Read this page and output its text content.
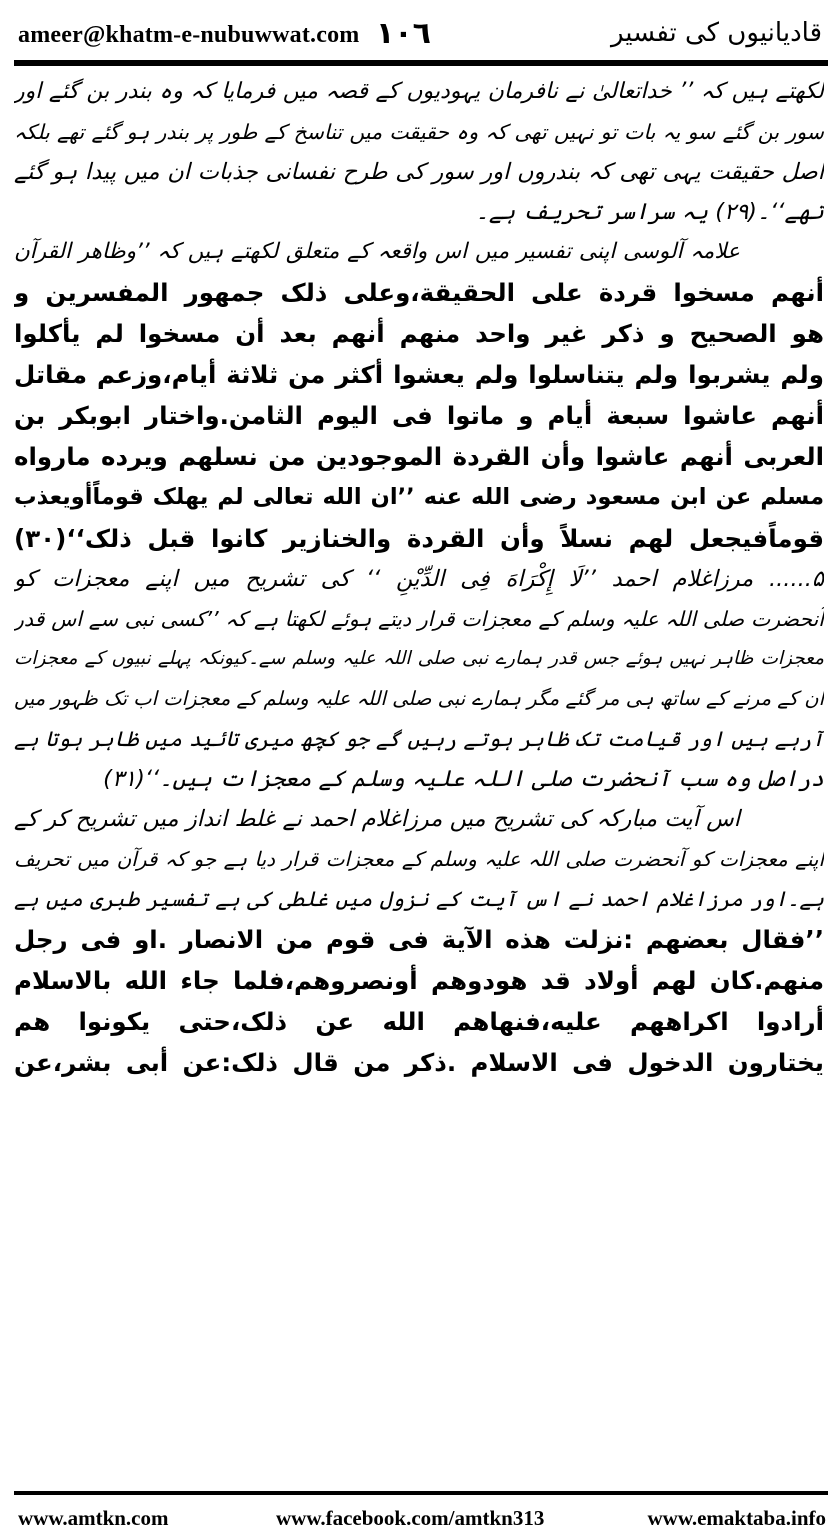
ameer@khatm-e-nubuwwat.com ١٠٦	قادیانیوں کی تفسیر
لکھتے ہیں کہ ’’ خداتعالیٰ نے نافرمان یہودیوں کے قصہ میں فرمایا کہ وہ بندر بن گئے اور
سور بن گئے سو یہ بات تو نہیں تھی کہ وہ حقیقت میں تناسخ کے طور پر بندر ہو گئے تھے بلکہ
اصل حقیقت یہی تھی کہ بندروں اور سور کی طرح نفسانی جذبات ان میں پیدا ہو گئے
تھے‘‘۔(۲۹) یہ سراسر تحریف ہے۔
علامہ آلوسی اپنی تفسیر میں اس واقعہ کے متعلق لکھتے ہیں کہ ’’وظاهر القرآن
أنهم مسخوا قردة علی الحقیقة،وعلی ذلک جمهور المفسرین و
هو الصحیح و ذکر غیر واحد منهم أنهم بعد أن مسخوا لم یأکلوا
ولم یشربوا ولم یتناسلوا ولم یعشوا أکثر من ثلاثة أیام،وزعم مقاتل
أنهم عاشوا سبعة أیام و ماتوا فی الیوم الثامن.واختار ابوبکر بن
العربی أنهم عاشوا وأن القردة الموجودین من نسلهم ویرده مارواه
مسلم عن ابن مسعود رضی الله عنه ’’ان الله تعالی لم یهلک قوماًأویعذب
قوماًفیجعل لهم نسلاً وأن القردة والخنازیر کانوا قبل ذلک‘‘(۳۰)
۵...... مرزاغلام احمد ’’لَا إِکْرَاهَ فِی الدِّیْنِ ‘‘ کی تشریح میں اپنے معجزات کو
آنحضرت صلی اللہ علیہ وسلم کے معجزات قرار دیتے ہوئے لکھتا ہے کہ ’’کسی نبی سے اس قدر
معجزات ظاہر نہیں ہوئے جس قدر ہمارے نبی صلی اللہ علیہ وسلم سے۔کیونکہ پہلے نبیوں کے معجزات
ان کے مرنے کے ساتھ ہی مر گئے مگر ہمارے نبی صلی اللہ علیہ وسلم کے معجزات اب تک ظہور میں
آرہے ہیں اور قیامت تک ظاہر ہوتے رہیں گے جو کچھ میری تائید میں ظاہر ہوتا ہے
دراصل وہ سب آنحضرت صلی اللہ علیہ وسلم کے معجزات ہیں۔‘‘(۳۱)
اس آیت مبارکہ کی تشریح میں مرزاغلام احمد نے غلط انداز میں تشریح کر کے
اپنے معجزات کو آنحضرت صلی اللہ علیہ وسلم کے معجزات قرار دیا ہے جو کہ قرآن میں تحریف
ہے۔اور مرزاغلام احمد نے اس آیت کے نزول میں غلطی کی ہے تفسیر طبری میں ہے
’’فقال بعضهم :نزلت هذه الآیة فی قوم من الانصار .او فی رجل
منهم.کان لهم أولاد قد هودوهم أونصروهم،فلما جاء الله بالاسلام
أرادوا اکراههم علیه،فنهاهم الله عن ذلک،حتی یکونوا هم
یختارون الدخول فی الاسلام .ذکر من قال ذلک:عن أبی بشر،عن
www.amtkn.com	www.facebook.com/amtkn313	www.emaktaba.info
